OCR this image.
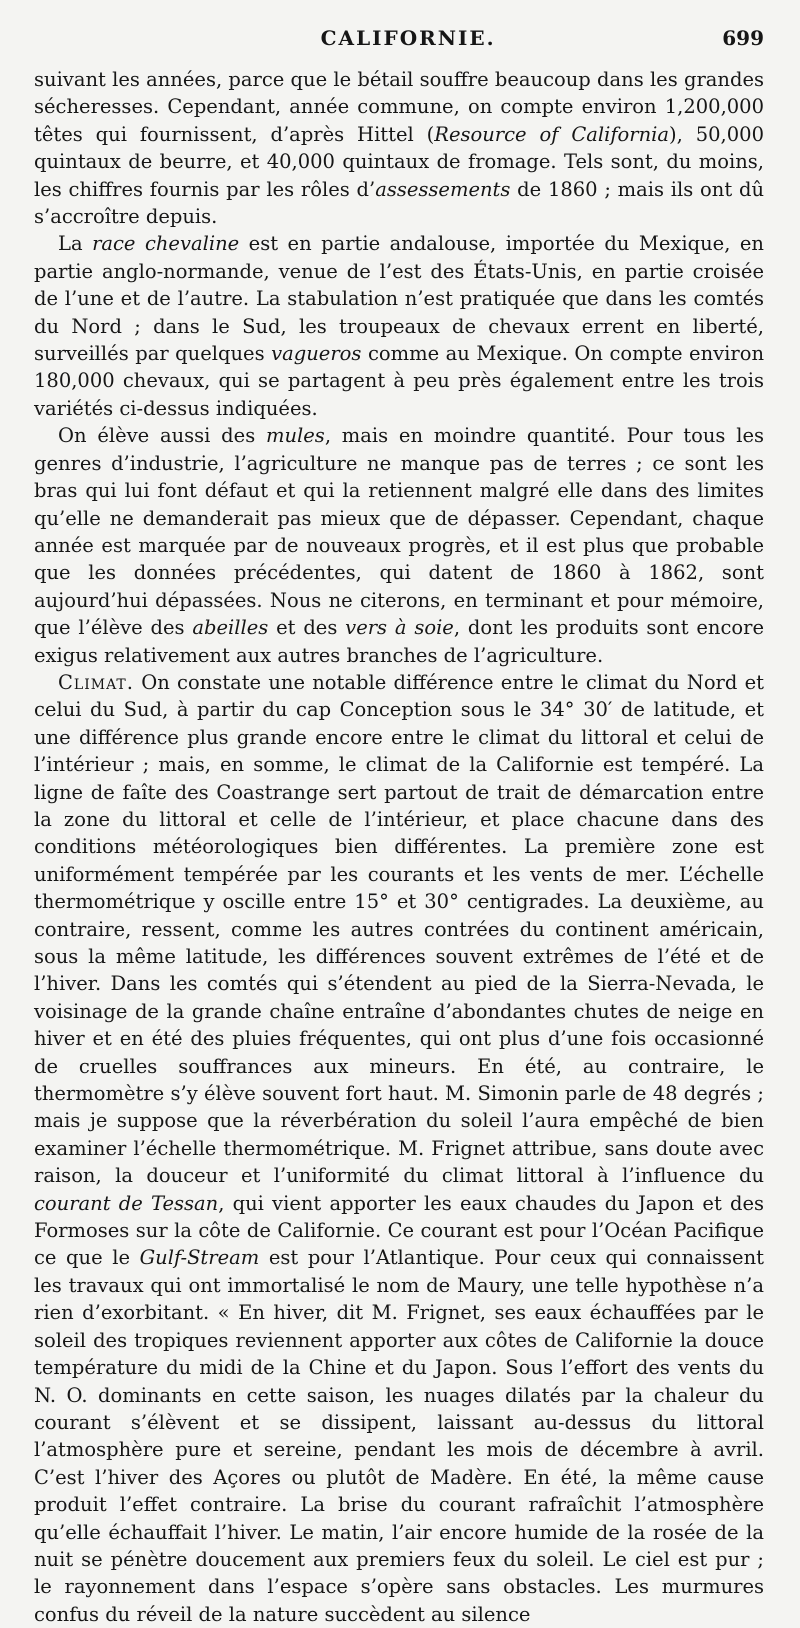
CALIFORNIE.	699

suivant les années, parce que le bétail souffre beaucoup dans les grandes sécheresses. Cependant, année commune, on compte environ 1,200,000 têtes qui fournissent, d’après Hittel (Resource of California), 50,000 quintaux de beurre, et 40,000 quintaux de fromage. Tels sont, du moins, les chiffres fournis par les rôles d’assessements de 1860 ; mais ils ont dû s’accroître depuis.

La race chevaline est en partie andalouse, importée du Mexique, en partie anglo-normande, venue de l’est des États-Unis, en partie croisée de l’une et de l’autre. La stabulation n’est pratiquée que dans les comtés du Nord ; dans le Sud, les troupeaux de chevaux errent en liberté, surveillés par quelques vagueros comme au Mexique. On compte environ 180,000 chevaux, qui se partagent à peu près également entre les trois variétés ci-dessus indiquées.

On élève aussi des mules, mais en moindre quantité. Pour tous les genres d’industrie, l’agriculture ne manque pas de terres ; ce sont les bras qui lui font défaut et qui la retiennent malgré elle dans des limites qu’elle ne demanderait pas mieux que de dépasser. Cependant, chaque année est marquée par de nouveaux progrès, et il est plus que probable que les données précédentes, qui datent de 1860 à 1862, sont aujourd’hui dépassées. Nous ne citerons, en terminant et pour mémoire, que l’élève des abeilles et des vers à soie, dont les produits sont encore exigus relativement aux autres branches de l’agriculture.

Climat. On constate une notable différence entre le climat du Nord et celui du Sud, à partir du cap Conception sous le 34° 30′ de latitude, et une différence plus grande encore entre le climat du littoral et celui de l’intérieur ; mais, en somme, le climat de la Californie est tempéré. La ligne de faîte des Coastrange sert partout de trait de démarcation entre la zone du littoral et celle de l’intérieur, et place chacune dans des conditions météorologiques bien différentes. La première zone est uniformément tempérée par les courants et les vents de mer. L’échelle thermométrique y oscille entre 15° et 30° centigrades. La deuxième, au contraire, ressent, comme les autres contrées du continent américain, sous la même latitude, les différences souvent extrêmes de l’été et de l’hiver. Dans les comtés qui s’étendent au pied de la Sierra-Nevada, le voisinage de la grande chaîne entraîne d’abondantes chutes de neige en hiver et en été des pluies fréquentes, qui ont plus d’une fois occasionné de cruelles souffrances aux mineurs. En été, au contraire, le thermomètre s’y élève souvent fort haut. M. Simonin parle de 48 degrés ; mais je suppose que la réverbération du soleil l’aura empêché de bien examiner l’échelle thermométrique. M. Frignet attribue, sans doute avec raison, la douceur et l’uniformité du climat littoral à l’influence du courant de Tessan, qui vient apporter les eaux chaudes du Japon et des Formoses sur la côte de Californie. Ce courant est pour l’Océan Pacifique ce que le Gulf-Stream est pour l’Atlantique. Pour ceux qui connaissent les travaux qui ont immortalisé le nom de Maury, une telle hypothèse n’a rien d’exorbitant. « En hiver, dit M. Frignet, ses eaux échauffées par le soleil des tropiques reviennent apporter aux côtes de Californie la douce température du midi de la Chine et du Japon. Sous l’effort des vents du N. O. dominants en cette saison, les nuages dilatés par la chaleur du courant s’élèvent et se dissipent, laissant au-dessus du littoral l’atmosphère pure et sereine, pendant les mois de décembre à avril. C’est l’hiver des Açores ou plutôt de Madère. En été, la même cause produit l’effet contraire. La brise du courant rafraîchit l’atmosphère qu’elle échauffait l’hiver. Le matin, l’air encore humide de la rosée de la nuit se pénètre doucement aux premiers feux du soleil. Le ciel est pur ; le rayonnement dans l’espace s’opère sans obstacles. Les murmures confus du réveil de la nature succèdent au silence
